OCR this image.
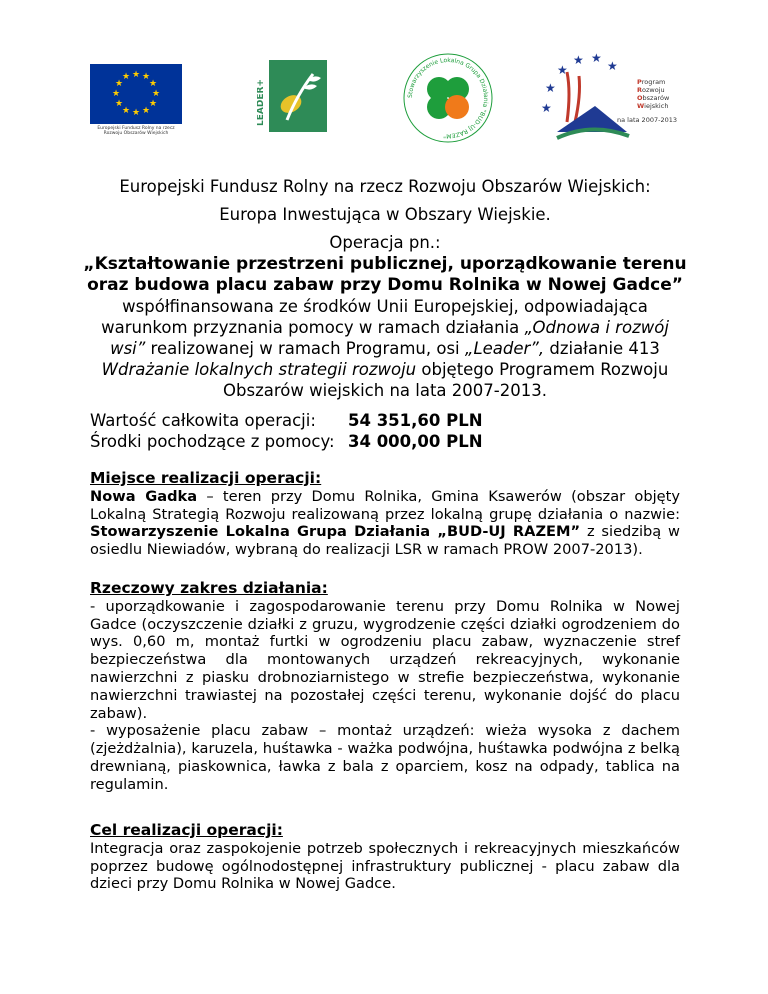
★ ★
★
★
★
★
★
★
★
★
★
★
Europejski Fundusz Rolny na rzecz
Rozwoju Obszarów Wiejskich
LEADER+	Stowarzyszenie Lokalna Grupa Działania "BUD-UJ RAZEM"
★
★ ★
★
★
★
Program
Rozwoju
Obszarów
Wiejskich
na lata 2007-2013
Europejski Fundusz Rolny na rzecz Rozwoju Obszarów Wiejskich:
Europa Inwestująca w Obszary Wiejskie.
Operacja pn.:
„Kształtowanie przestrzeni publicznej, uporządkowanie terenu
oraz budowa placu zabaw przy Domu Rolnika w Nowej Gadce”
współfinansowana ze środków Unii Europejskiej, odpowiadająca
warunkom przyznania pomocy w ramach działania „Odnowa i rozwój
wsi” realizowanej w ramach Programu, osi „Leader”, działanie 413
Wdrażanie lokalnych strategii rozwoju objętego Programem Rozwoju
Obszarów wiejskich na lata 2007-2013.
Wartość całkowita operacji:	54 351,60 PLN
Środki pochodzące z pomocy: 34 000,00 PLN
Miejsce realizacji operacji:

Nowa Gadka – teren przy Domu Rolnika, Gmina Ksawerów (obszar objęty Lokalną Strategią Rozwoju realizowaną przez lokalną grupę działania o nazwie: Stowarzyszenie Lokalna Grupa Działania „BUD-UJ RAZEM” z siedzibą w osiedlu Niewiadów, wybraną do realizacji LSR w ramach PROW 2007-2013).

Rzeczowy zakres działania:

- uporządkowanie i zagospodarowanie terenu przy Domu Rolnika w Nowej Gadce (oczyszczenie działki z gruzu, wygrodzenie części działki ogrodzeniem do wys. 0,60 m, montaż furtki w ogrodzeniu placu zabaw, wyznaczenie stref bezpieczeństwa dla montowanych urządzeń rekreacyjnych, wykonanie nawierzchni z piasku drobnoziarnistego w strefie bezpieczeństwa, wykonanie nawierzchni trawiastej na pozostałej części terenu, wykonanie dojść do placu zabaw).

- wyposażenie placu zabaw – montaż urządzeń: wieża wysoka z dachem (zjeżdżalnia), karuzela, huśtawka - ważka podwójna, huśtawka podwójna z belką drewnianą, piaskownica, ławka z bala z oparciem, kosz na odpady, tablica na regulamin.

Cel realizacji operacji:

Integracja oraz zaspokojenie potrzeb społecznych i rekreacyjnych mieszkańców poprzez budowę ogólnodostępnej infrastruktury publicznej - placu zabaw dla dzieci przy Domu Rolnika w Nowej Gadce.
